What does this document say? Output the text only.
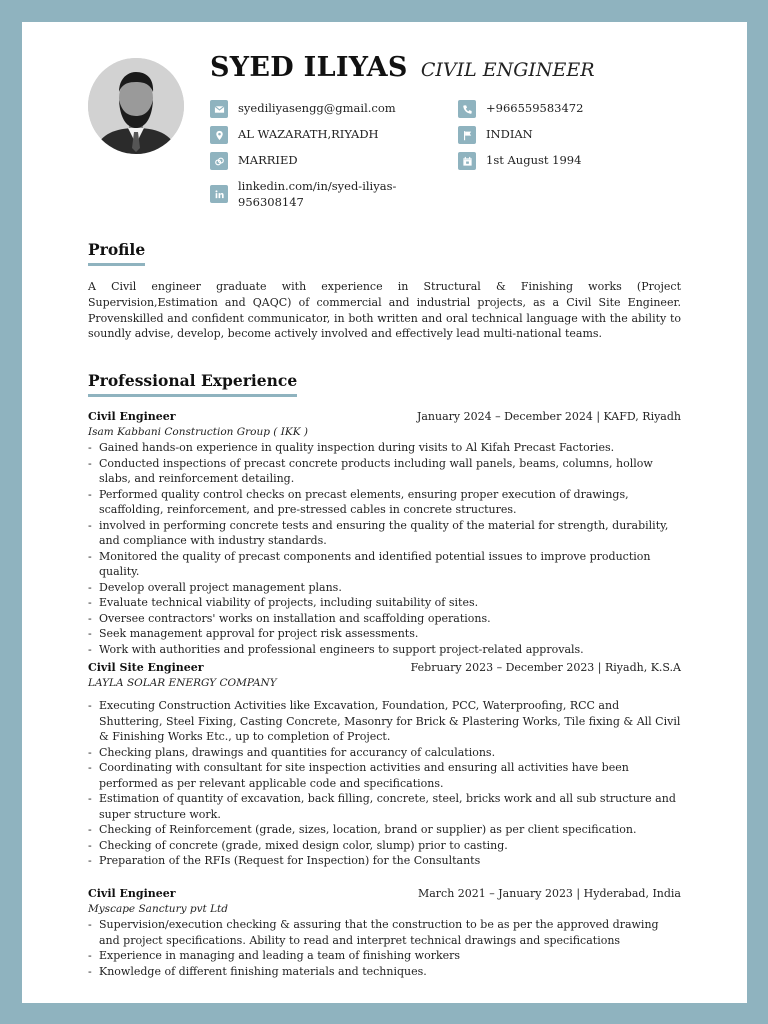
SYED ILIYAS CIVIL ENGINEER
syediliyasengg@gmail.com	+966559583472
AL WAZARATH,RIYADH	INDIAN
MARRIED	1st August 1994
linkedin.com/in/syed-iliyas-
956308147
Profile

A Civil engineer graduate with experience in Structural & Finishing works (Project Supervision,Estimation and QAQC) of commercial and industrial projects, as a Civil Site Engineer. Provenskilled and confident communicator, in both written and oral technical language with the ability to soundly advise, develop, become actively involved and effectively lead multi-national teams.

Professional Experience
Civil Engineer	January 2024 – December 2024 | KAFD, Riyadh
Isam Kabbani Construction Group ( IKK )
- Gained hands-on experience in quality inspection during visits to Al Kifah Precast Factories.
- Conducted inspections of precast concrete products including wall panels, beams, columns, hollow slabs, and reinforcement detailing.
- Performed quality control checks on precast elements, ensuring proper execution of drawings, scaffolding, reinforcement, and pre-stressed cables in concrete structures.
- involved in performing concrete tests and ensuring the quality of the material for strength, durability, and compliance with industry standards.
- Monitored the quality of precast components and identified potential issues to improve production quality.
- Develop overall project management plans.
- Evaluate technical viability of projects, including suitability of sites.
- Oversee contractors' works on installation and scaffolding operations.
- Seek management approval for project risk assessments.
- Work with authorities and professional engineers to support project-related approvals.
Civil Site Engineer	February 2023 – December 2023 | Riyadh, K.S.A
LAYLA SOLAR ENERGY COMPANY
- Executing Construction Activities like Excavation, Foundation, PCC, Waterproofing, RCC and Shuttering, Steel Fixing, Casting Concrete, Masonry for Brick & Plastering Works, Tile fixing & All Civil & Finishing Works Etc., up to completion of Project.
- Checking plans, drawings and quantities for accurancy of calculations.
- Coordinating with consultant for site inspection activities and ensuring all activities have been performed as per relevant applicable code and specifications.
- Estimation of quantity of excavation, back filling, concrete, steel, bricks work and all sub structure and super structure work.
- Checking of Reinforcement (grade, sizes, location, brand or supplier) as per client specification.
- Checking of concrete (grade, mixed design color, slump) prior to casting.
- Preparation of the RFIs (Request for Inspection) for the Consultants
Civil Engineer	March 2021 – January 2023 | Hyderabad, India
Myscape Sanctury pvt Ltd
- Supervision/execution checking & assuring that the construction to be as per the approved drawing and project specifications. Ability to read and interpret technical drawings and specifications
- Experience in managing and leading a team of finishing workers
- Knowledge of different finishing materials and techniques.
